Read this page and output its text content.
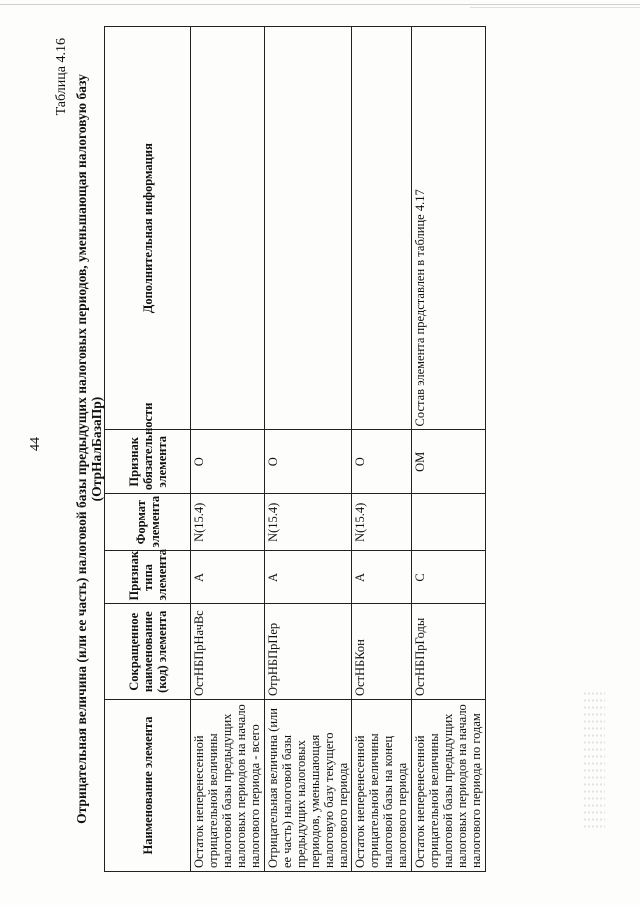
44
Таблица 4.16 Отрицательная величина (или ее часть) налоговой базы предыдущих налоговых периодов, уменьшающая налоговую базу (ОтрНалБазаПр)
Наименование элемента	Сокращенное наименование (код) элемента	Признак типа элемента	Формат элемента	Признак обязательности элемента	Дополнительная информация
Остаток неперенесенной отрицательной величины налоговой базы предыдущих налоговых периодов на начало налогового периода - всего	ОстНБПрНачВс	А	N(15.4)	О	
Отрицательная величина (или ее часть) налоговой базы предыдущих налоговых периодов, уменьшающая налоговую базу текущего налогового периода	ОтрНБПрПер	А	N(15.4)	О	
Остаток неперенесенной отрицательной величины налоговой базы на конец налогового периода	ОстНБКон	А	N(15.4)	О	
Остаток неперенесенной отрицательной величины налоговой базы предыдущих налоговых периодов на начало налогового периода по годам	ОстНБПрГоды	С		ОМ	Состав элемента представлен в таблице 4.17
